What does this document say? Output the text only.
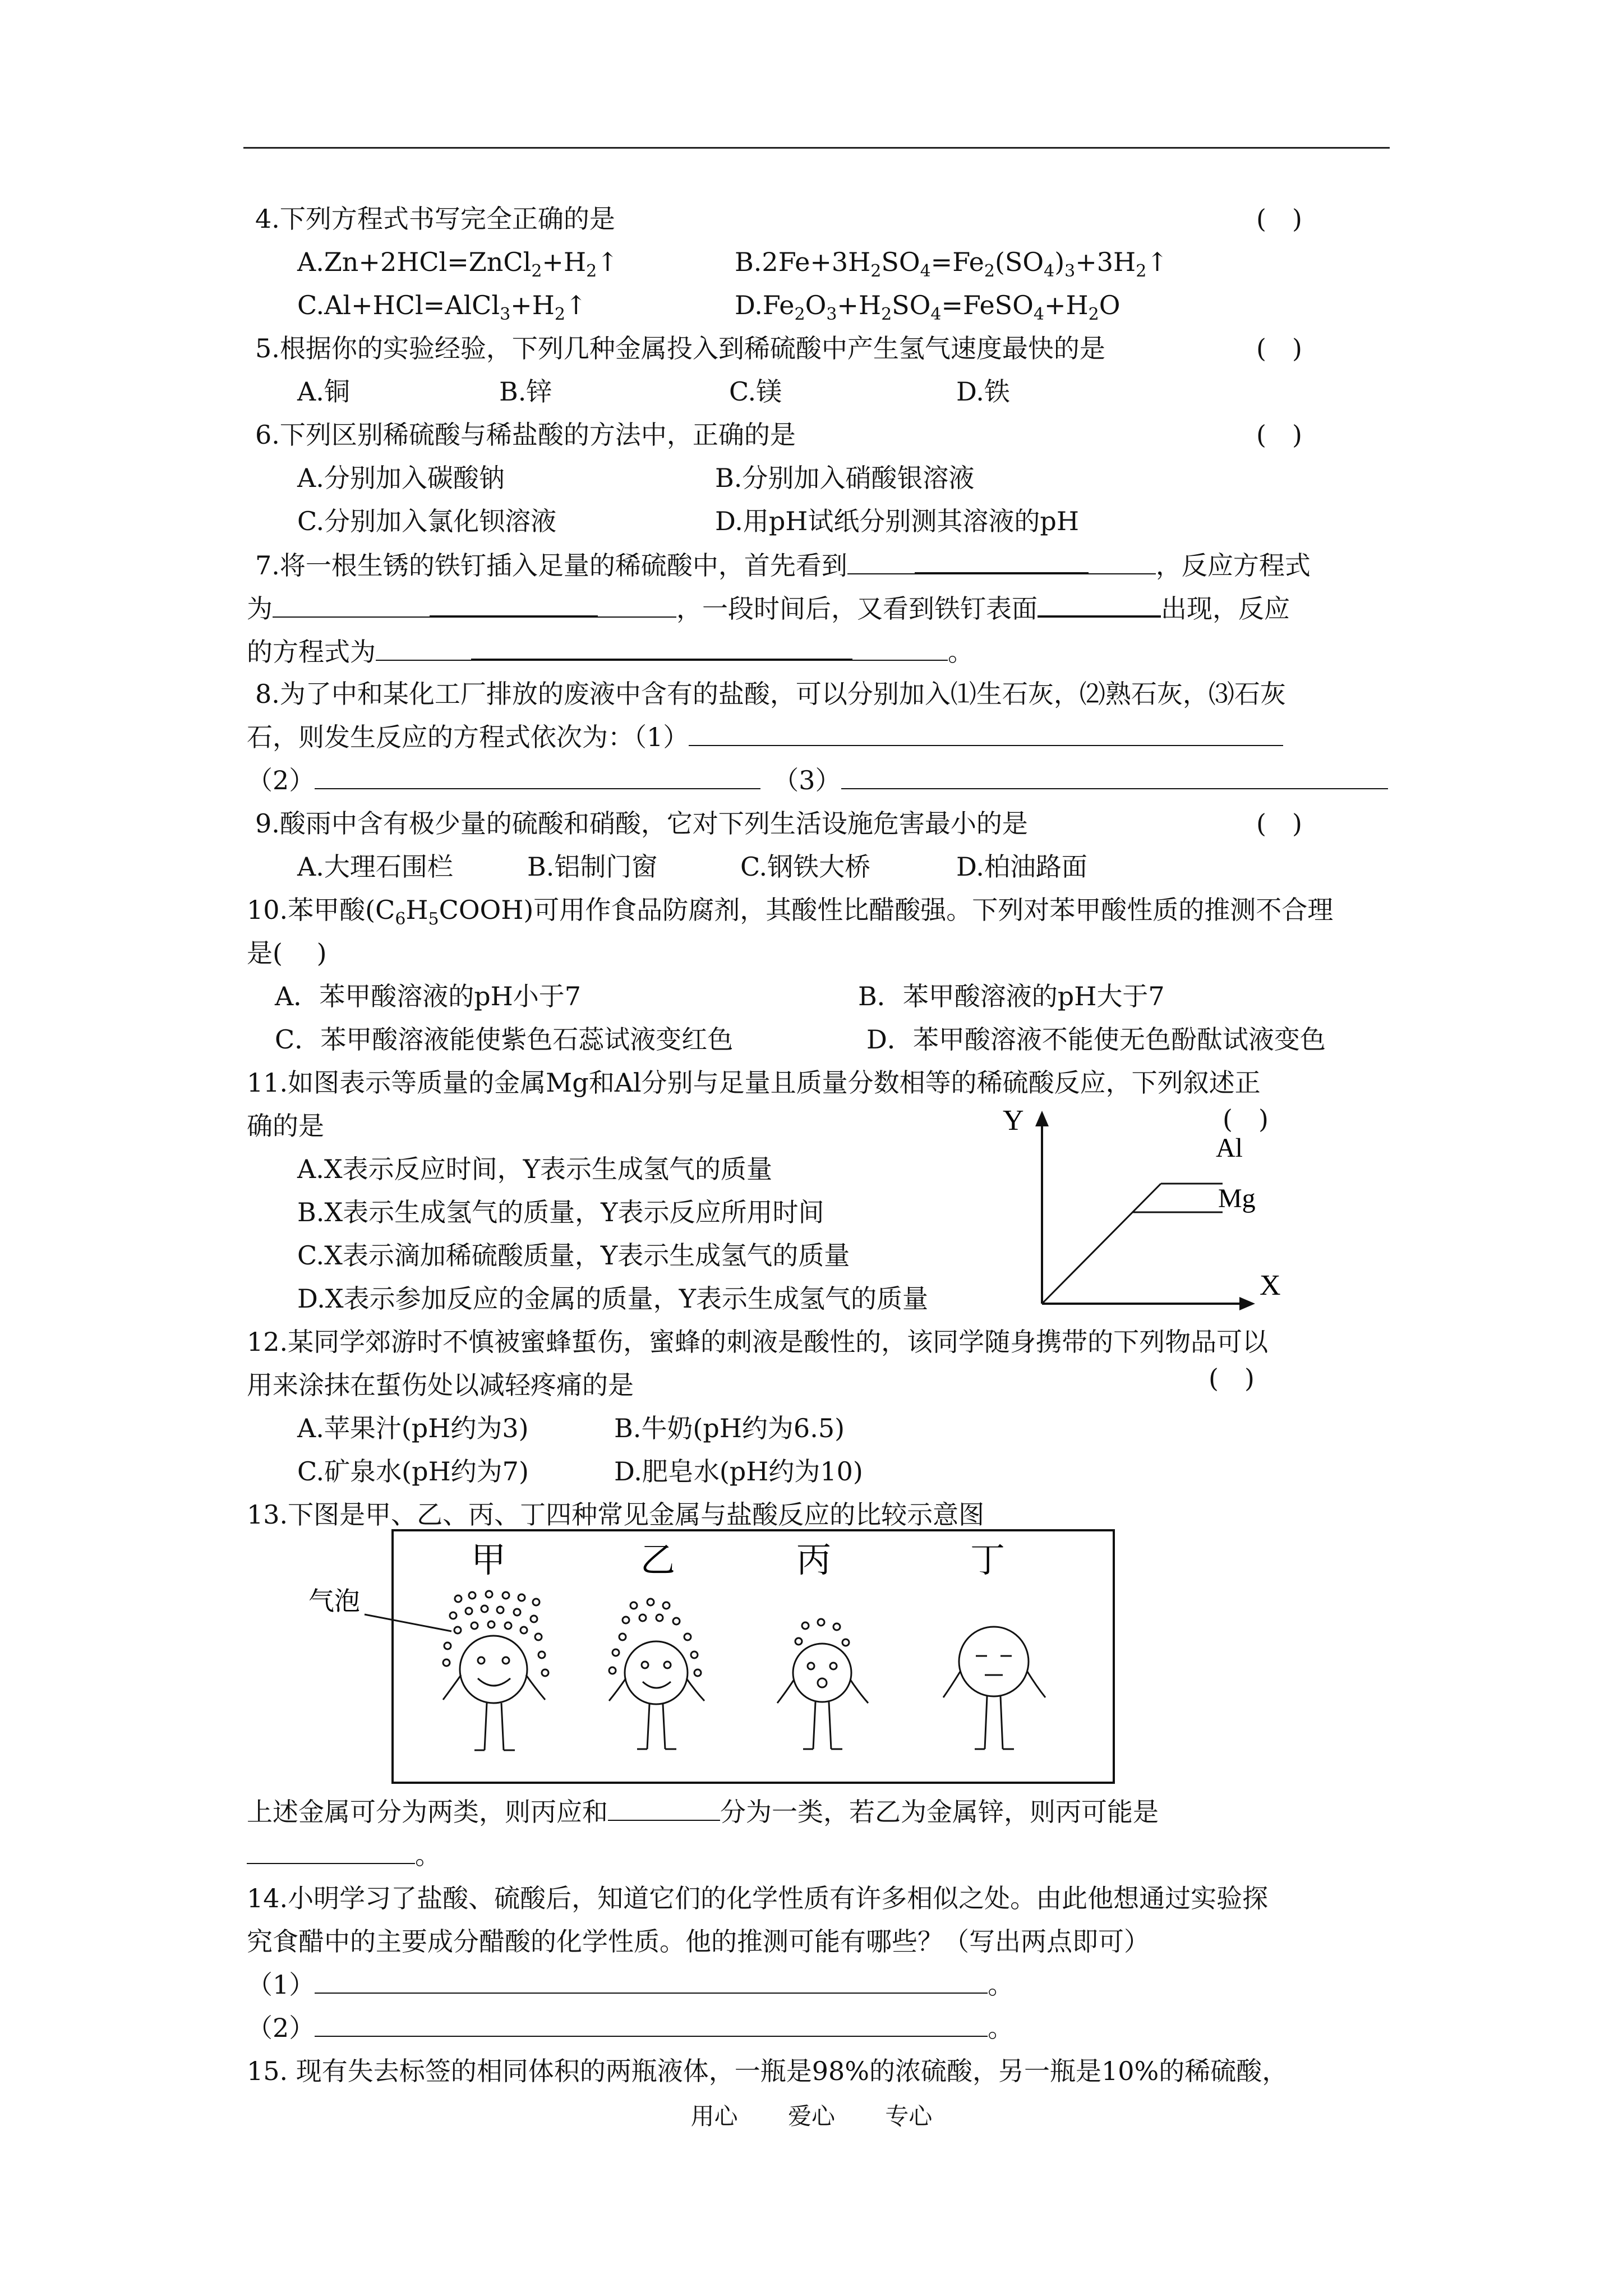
4.下列方程式书写完全正确的是	(　)
$A.Zn+2HCl=ZnCl_2+H_2↑$	$B.2Fe+3H_2SO_4=Fe_2(SO_4)_3+3H_2↑$
$C.Al+HCl=AlCl_3+H_2↑$	$D.Fe_2O_3+H_2SO_4=FeSO_4+H_2O$
5.根据你的实验经验，下列几种金属投入到稀硫酸中产生氢气速度最快的是	(　)
A.铜	B.锌	C.镁	D.铁
6.下列区别稀硫酸与稀盐酸的方法中，正确的是	(　)
A.分别加入碳酸钠	B.分别加入硝酸银溶液
C.分别加入氯化钡溶液	D.用pH试纸分别测其溶液的pH
7.将一根生锈的铁钉插入足量的稀硫酸中，首先看到	，反应方程式
为	，一段时间后，又看到铁钉表面	出现，反应
的方程式为	。
8.为了中和某化工厂排放的废液中含有的盐酸，可以分别加入⑴生石灰，⑵熟石灰，⑶石灰
石，则发生反应的方程式依次为：（1）
（2）	（3）
9.酸雨中含有极少量的硫酸和硝酸，它对下列生活设施危害最小的是	(　)
A.大理石围栏	B.铝制门窗	C.钢铁大桥	D.柏油路面
10.苯甲酸$(C_6H_5COOH)$可用作食品防腐剂，其酸性比醋酸强。下列对苯甲酸性质的推测不合理
是(　 )
A．苯甲酸溶液的pH小于7	B．苯甲酸溶液的pH大于7
C．苯甲酸溶液能使紫色石蕊试液变红色	D．苯甲酸溶液不能使无色酚酞试液变色
11.如图表示等质量的金属Mg和Al分别与足量且质量分数相等的稀硫酸反应，下列叙述正
确的是	(　)
A.X表示反应时间，Y表示生成氢气的质量
B.X表示生成氢气的质量，Y表示反应所用时间
C.X表示滴加稀硫酸质量，Y表示生成氢气的质量
D.X表示参加反应的金属的质量，Y表示生成氢气的质量
Y
X
Al
Mg
12.某同学郊游时不慎被蜜蜂蜇伤，蜜蜂的刺液是酸性的，该同学随身携带的下列物品可以
用来涂抹在蜇伤处以减轻疼痛的是	(　)
A.苹果汁(pH约为3)	B.牛奶(pH约为6.5)
C.矿泉水(pH约为7)	D.肥皂水(pH约为10)
13.下图是甲、乙、丙、丁四种常见金属与盐酸反应的比较示意图
气泡
甲	乙	丙	丁
上述金属可分为两类，则丙应和	分为一类，若乙为金属锌，则丙可能是
。
14.小明学习了盐酸、硫酸后，知道它们的化学性质有许多相似之处。由此他想通过实验探
究食醋中的主要成分醋酸的化学性质。他的推测可能有哪些？（写出两点即可）
（1）	。
（2）	。
15. 现有失去标签的相同体积的两瓶液体，一瓶是98%的浓硫酸，另一瓶是10%的稀硫酸，
用心 爱心 专心
